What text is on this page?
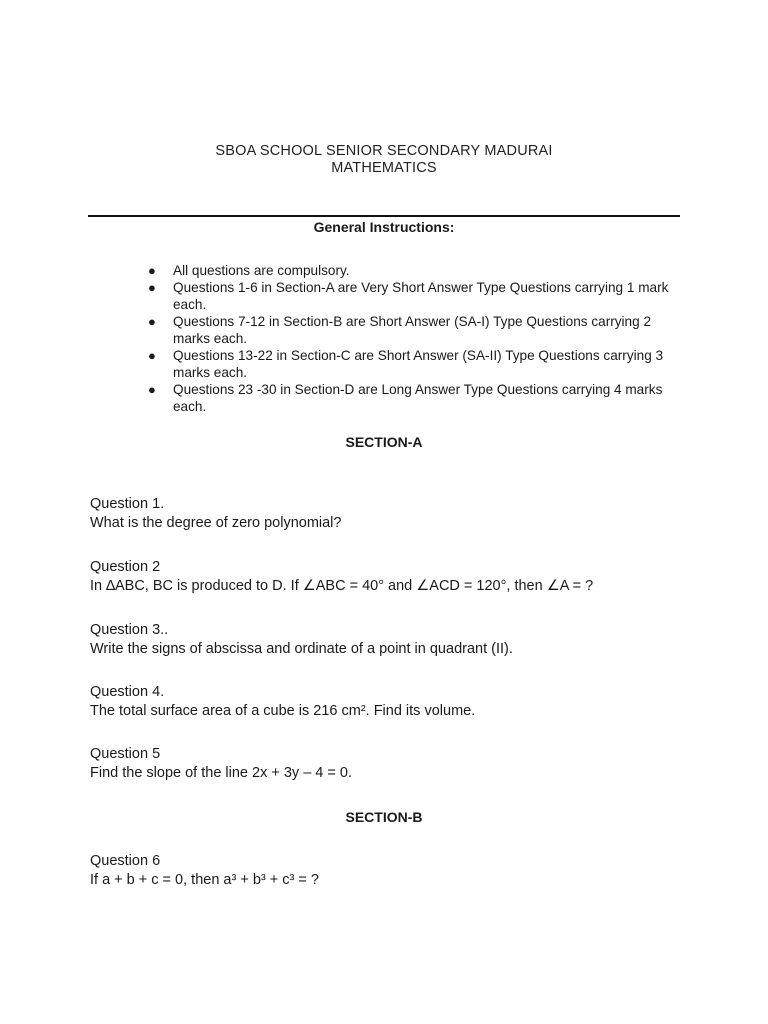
SBOA SCHOOL SENIOR SECONDARY MADURAI
MATHEMATICS
General Instructions:
● All questions are compulsory.
● Questions 1-6 in Section-A are Very Short Answer Type Questions carrying 1 mark
each.
● Questions 7-12 in Section-B are Short Answer (SA-I) Type Questions carrying 2
marks each.
● Questions 13-22 in Section-C are Short Answer (SA-II) Type Questions carrying 3
marks each.
● Questions 23 -30 in Section-D are Long Answer Type Questions carrying 4 marks
each.
SECTION-A
Question 1.
What is the degree of zero polynomial?
Question 2
In ∆ABC, BC is produced to D. If ∠ABC = 40° and ∠ACD = 120°, then ∠A = ?
Question 3..
Write the signs of abscissa and ordinate of a point in quadrant (II).
Question 4.
The total surface area of a cube is 216 cm². Find its volume.
Question 5
Find the slope of the line 2x + 3y – 4 = 0.
SECTION-B
Question 6
If a + b + c = 0, then a³ + b³ + c³ = ?
